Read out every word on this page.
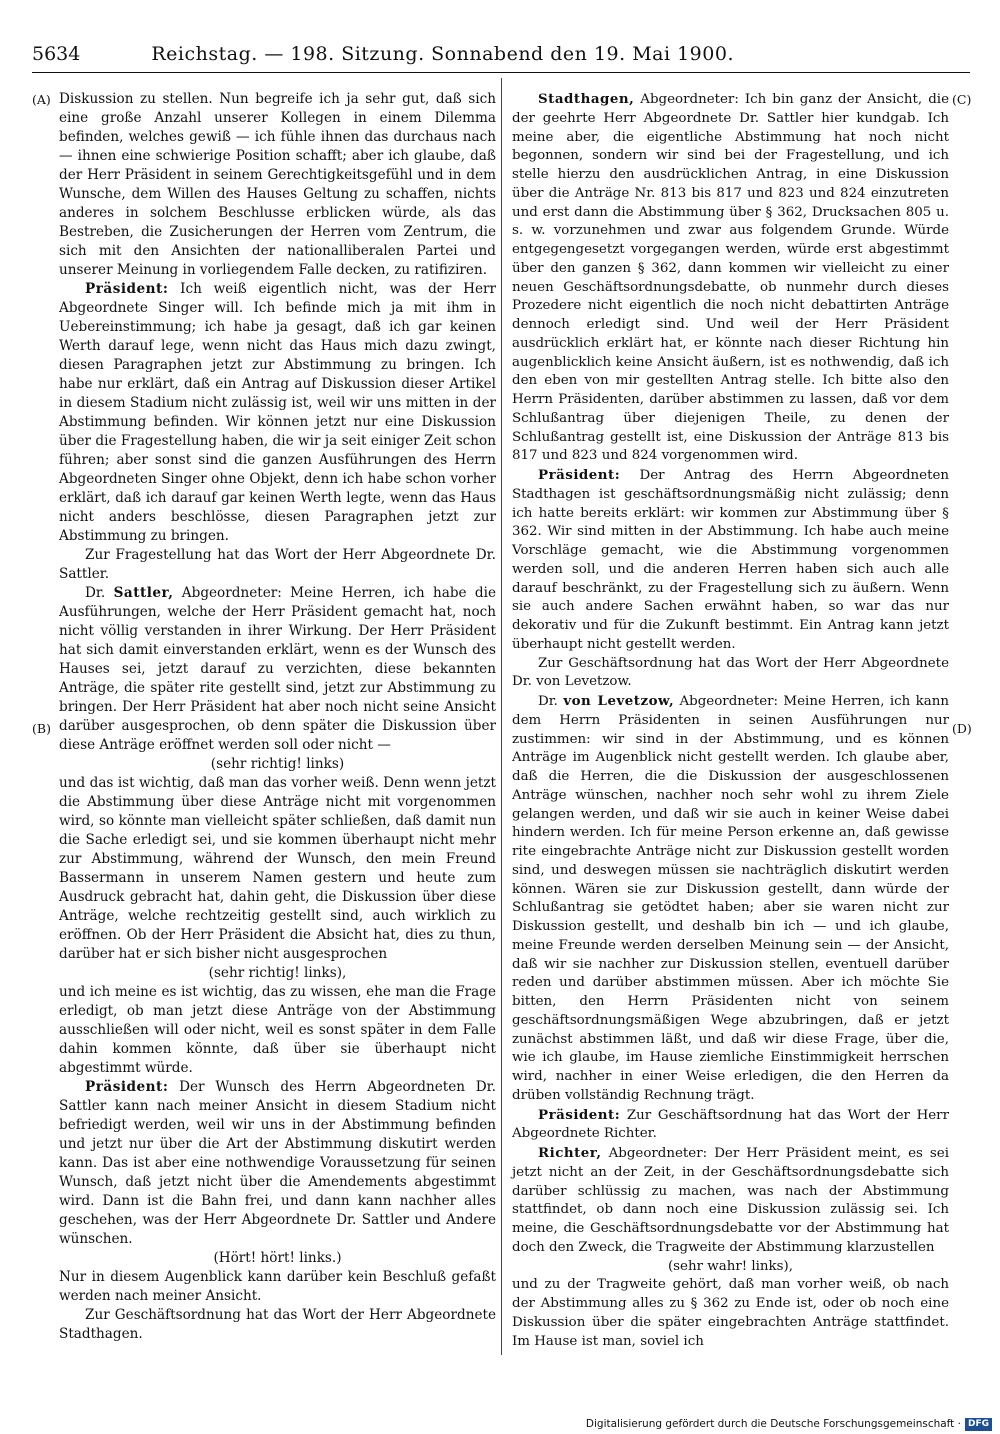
5634	Reichstag. — 198. Sitzung. Sonnabend den 19. Mai 1900.
(A)
(B)
(C)
(D)

Diskussion zu stellen. Nun begreife ich ja sehr gut, daß sich eine große Anzahl unserer Kollegen in einem Dilemma befinden, welches gewiß — ich fühle ihnen das durchaus nach — ihnen eine schwierige Position schafft; aber ich glaube, daß der Herr Präsident in seinem Gerechtigkeitsgefühl und in dem Wunsche, dem Willen des Hauses Geltung zu schaffen, nichts anderes in solchem Beschlusse erblicken würde, als das Bestreben, die Zusicherungen der Herren vom Zentrum, die sich mit den Ansichten der nationalliberalen Partei und unserer Meinung in vorliegendem Falle decken, zu ratifiziren.

Präsident: Ich weiß eigentlich nicht, was der Herr Abgeordnete Singer will. Ich befinde mich ja mit ihm in Uebereinstimmung; ich habe ja gesagt, daß ich gar keinen Werth darauf lege, wenn nicht das Haus mich dazu zwingt, diesen Paragraphen jetzt zur Abstimmung zu bringen. Ich habe nur erklärt, daß ein Antrag auf Diskussion dieser Artikel in diesem Stadium nicht zulässig ist, weil wir uns mitten in der Abstimmung befinden. Wir können jetzt nur eine Diskussion über die Fragestellung haben, die wir ja seit einiger Zeit schon führen; aber sonst sind die ganzen Ausführungen des Herrn Abgeordneten Singer ohne Objekt, denn ich habe schon vorher erklärt, daß ich darauf gar keinen Werth legte, wenn das Haus nicht anders beschlösse, diesen Paragraphen jetzt zur Abstimmung zu bringen.

Zur Fragestellung hat das Wort der Herr Abgeordnete Dr. Sattler.

Dr. Sattler, Abgeordneter: Meine Herren, ich habe die Ausführungen, welche der Herr Präsident gemacht hat, noch nicht völlig verstanden in ihrer Wirkung. Der Herr Präsident hat sich damit einverstanden erklärt, wenn es der Wunsch des Hauses sei, jetzt darauf zu verzichten, diese bekannten Anträge, die später rite gestellt sind, jetzt zur Abstimmung zu bringen. Der Herr Präsident hat aber noch nicht seine Ansicht darüber ausgesprochen, ob denn später die Diskussion über diese Anträge eröffnet werden soll oder nicht —

(sehr richtig! links)

und das ist wichtig, daß man das vorher weiß. Denn wenn jetzt die Abstimmung über diese Anträge nicht mit vorgenommen wird, so könnte man vielleicht später schließen, daß damit nun die Sache erledigt sei, und sie kommen überhaupt nicht mehr zur Abstimmung, während der Wunsch, den mein Freund Bassermann in unserem Namen gestern und heute zum Ausdruck gebracht hat, dahin geht, die Diskussion über diese Anträge, welche rechtzeitig gestellt sind, auch wirklich zu eröffnen. Ob der Herr Präsident die Absicht hat, dies zu thun, darüber hat er sich bisher nicht ausgesprochen

(sehr richtig! links),

und ich meine es ist wichtig, das zu wissen, ehe man die Frage erledigt, ob man jetzt diese Anträge von der Abstimmung ausschließen will oder nicht, weil es sonst später in dem Falle dahin kommen könnte, daß über sie überhaupt nicht abgestimmt würde.

Präsident: Der Wunsch des Herrn Abgeordneten Dr. Sattler kann nach meiner Ansicht in diesem Stadium nicht befriedigt werden, weil wir uns in der Abstimmung befinden und jetzt nur über die Art der Abstimmung diskutirt werden kann. Das ist aber eine nothwendige Voraussetzung für seinen Wunsch, daß jetzt nicht über die Amendements abgestimmt wird. Dann ist die Bahn frei, und dann kann nachher alles geschehen, was der Herr Abgeordnete Dr. Sattler und Andere wünschen.

(Hört! hört! links.)

Nur in diesem Augenblick kann darüber kein Beschluß gefaßt werden nach meiner Ansicht.

Zur Geschäftsordnung hat das Wort der Herr Abgeordnete Stadthagen.

Stadthagen, Abgeordneter: Ich bin ganz der Ansicht, die der geehrte Herr Abgeordnete Dr. Sattler hier kundgab. Ich meine aber, die eigentliche Abstimmung hat noch nicht begonnen, sondern wir sind bei der Fragestellung, und ich stelle hierzu den ausdrücklichen Antrag, in eine Diskussion über die Anträge Nr. 813 bis 817 und 823 und 824 einzutreten und erst dann die Abstimmung über § 362, Drucksachen 805 u. s. w. vorzunehmen und zwar aus folgendem Grunde. Würde entgegengesetzt vorgegangen werden, würde erst abgestimmt über den ganzen § 362, dann kommen wir vielleicht zu einer neuen Geschäftsordnungsdebatte, ob nunmehr durch dieses Prozedere nicht eigentlich die noch nicht debattirten Anträge dennoch erledigt sind. Und weil der Herr Präsident ausdrücklich erklärt hat, er könnte nach dieser Richtung hin augenblicklich keine Ansicht äußern, ist es nothwendig, daß ich den eben von mir gestellten Antrag stelle. Ich bitte also den Herrn Präsidenten, darüber abstimmen zu lassen, daß vor dem Schlußantrag über diejenigen Theile, zu denen der Schlußantrag gestellt ist, eine Diskussion der Anträge 813 bis 817 und 823 und 824 vorgenommen wird.

Präsident: Der Antrag des Herrn Abgeordneten Stadthagen ist geschäftsordnungsmäßig nicht zulässig; denn ich hatte bereits erklärt: wir kommen zur Abstimmung über § 362. Wir sind mitten in der Abstimmung. Ich habe auch meine Vorschläge gemacht, wie die Abstimmung vorgenommen werden soll, und die anderen Herren haben sich auch alle darauf beschränkt, zu der Fragestellung sich zu äußern. Wenn sie auch andere Sachen erwähnt haben, so war das nur dekorativ und für die Zukunft bestimmt. Ein Antrag kann jetzt überhaupt nicht gestellt werden.

Zur Geschäftsordnung hat das Wort der Herr Abgeordnete Dr. von Levetzow.

Dr. von Levetzow, Abgeordneter: Meine Herren, ich kann dem Herrn Präsidenten in seinen Ausführungen nur zustimmen: wir sind in der Abstimmung, und es können Anträge im Augenblick nicht gestellt werden. Ich glaube aber, daß die Herren, die die Diskussion der ausgeschlossenen Anträge wünschen, nachher noch sehr wohl zu ihrem Ziele gelangen werden, und daß wir sie auch in keiner Weise dabei hindern werden. Ich für meine Person erkenne an, daß gewisse rite eingebrachte Anträge nicht zur Diskussion gestellt worden sind, und deswegen müssen sie nachträglich diskutirt werden können. Wären sie zur Diskussion gestellt, dann würde der Schlußantrag sie getödtet haben; aber sie waren nicht zur Diskussion gestellt, und deshalb bin ich — und ich glaube, meine Freunde werden derselben Meinung sein — der Ansicht, daß wir sie nachher zur Diskussion stellen, eventuell darüber reden und darüber abstimmen müssen. Aber ich möchte Sie bitten, den Herrn Präsidenten nicht von seinem geschäftsordnungsmäßigen Wege abzubringen, daß er jetzt zunächst abstimmen läßt, und daß wir diese Frage, über die, wie ich glaube, im Hause ziemliche Einstimmigkeit herrschen wird, nachher in einer Weise erledigen, die den Herren da drüben vollständig Rechnung trägt.

Präsident: Zur Geschäftsordnung hat das Wort der Herr Abgeordnete Richter.

Richter, Abgeordneter: Der Herr Präsident meint, es sei jetzt nicht an der Zeit, in der Geschäftsordnungsdebatte sich darüber schlüssig zu machen, was nach der Abstimmung stattfindet, ob dann noch eine Diskussion zulässig sei. Ich meine, die Geschäftsordnungsdebatte vor der Abstimmung hat doch den Zweck, die Tragweite der Abstimmung klarzustellen

(sehr wahr! links),

und zu der Tragweite gehört, daß man vorher weiß, ob nach der Abstimmung alles zu § 362 zu Ende ist, oder ob noch eine Diskussion über die später eingebrachten Anträge stattfindet. Im Hause ist man, soviel ich

Digitalisierung gefördert durch die Deutsche Forschungsgemeinschaft · DFG
